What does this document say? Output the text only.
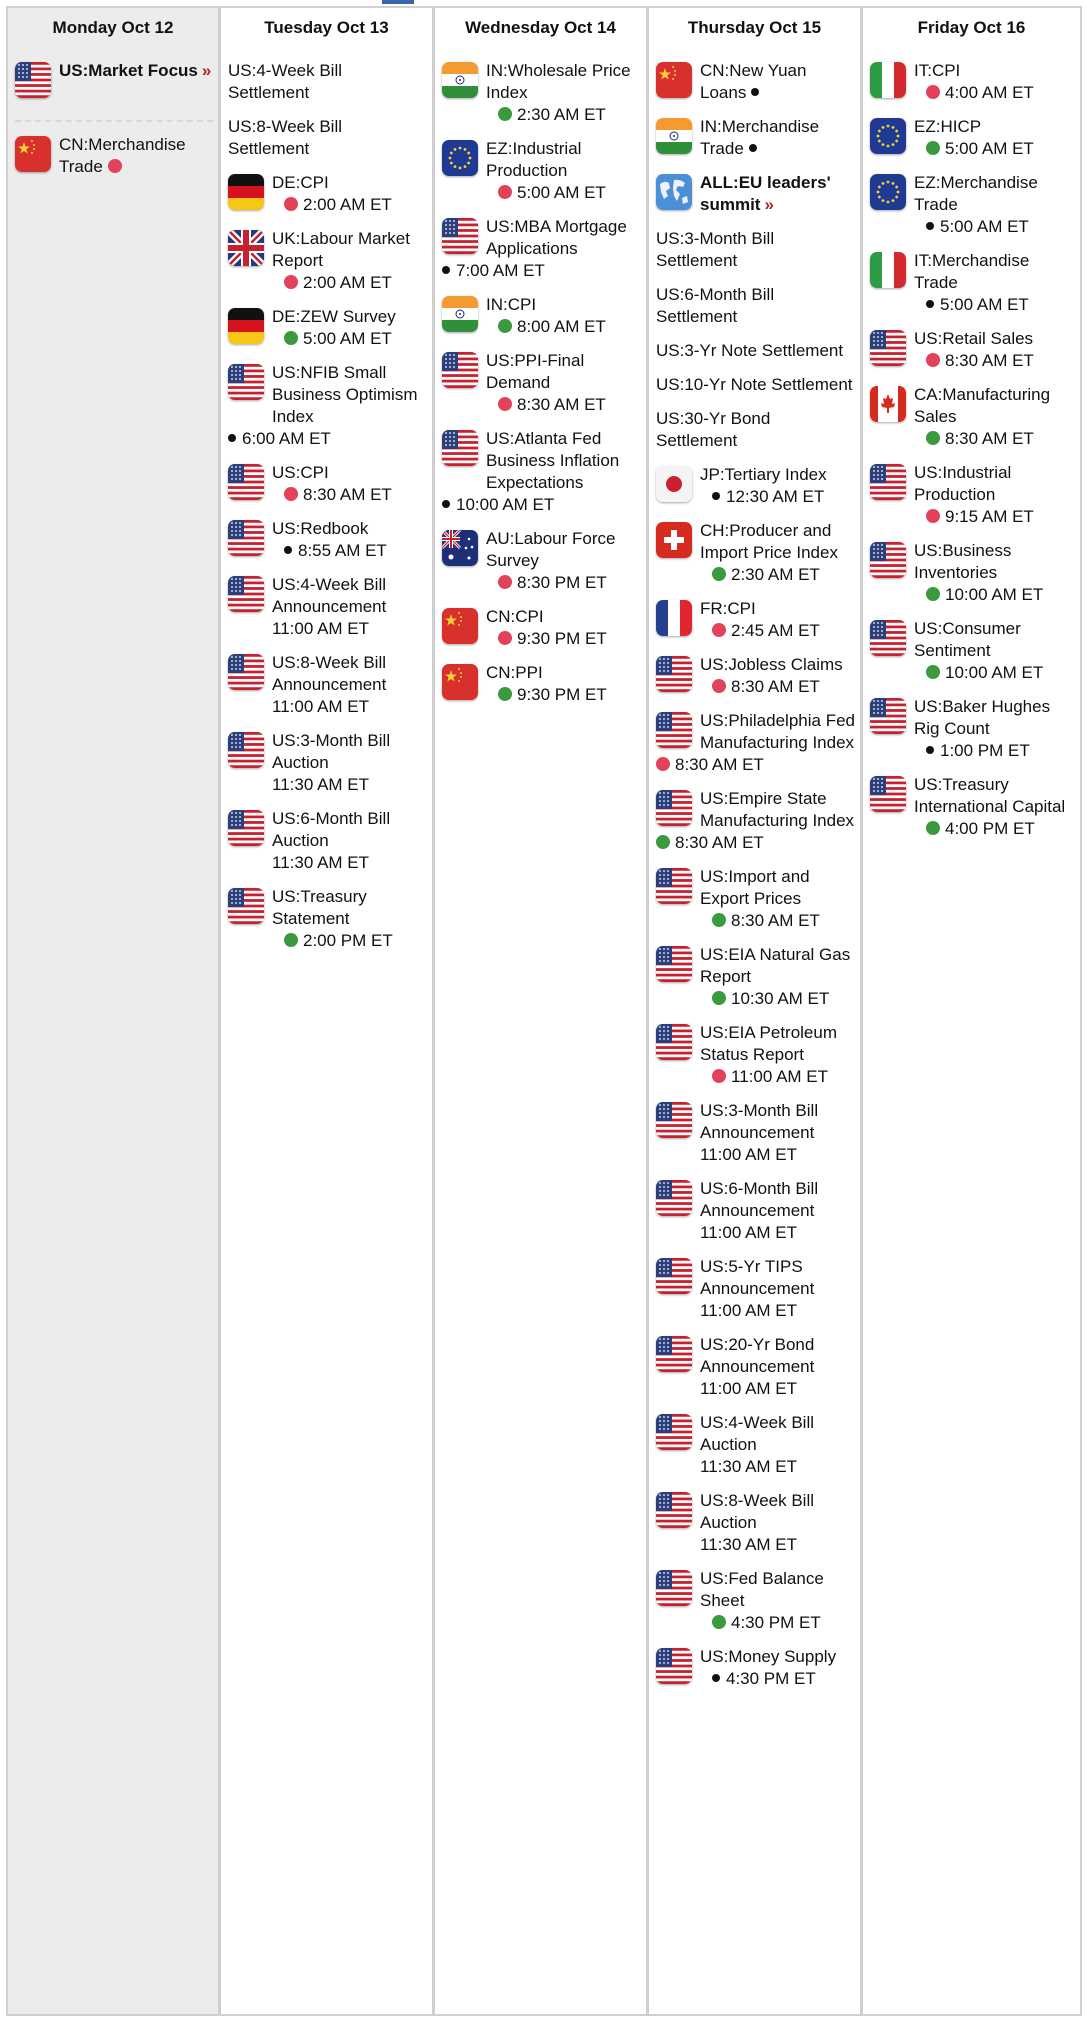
Monday Oct 12
US:Market Focus »
CN:Merchandise Trade
Tuesday Oct 13
US:4-Week Bill Settlement
US:8-Week Bill Settlement
DE:CPI
2:00 AM ET
UK:Labour Market Report
2:00 AM ET
DE:ZEW Survey
5:00 AM ET
US:NFIB Small Business Optimism Index
6:00 AM ET
US:CPI
8:30 AM ET
US:Redbook
8:55 AM ET
US:4-Week Bill Announcement
11:00 AM ET
US:8-Week Bill Announcement
11:00 AM ET
US:3-Month Bill Auction
11:30 AM ET
US:6-Month Bill Auction
11:30 AM ET
US:Treasury Statement
2:00 PM ET
Wednesday Oct 14
IN:Wholesale Price Index
2:30 AM ET
EZ:Industrial Production
5:00 AM ET
US:MBA Mortgage Applications
7:00 AM ET
IN:CPI
8:00 AM ET
US:PPI-Final Demand
8:30 AM ET
US:Atlanta Fed Business Inflation Expectations
10:00 AM ET
AU:Labour Force Survey
8:30 PM ET
CN:CPI
9:30 PM ET
CN:PPI
9:30 PM ET
Thursday Oct 15
CN:New Yuan Loans
IN:Merchandise Trade
ALL:EU leaders' summit »
US:3-Month Bill Settlement
US:6-Month Bill Settlement
US:3-Yr Note Settlement
US:10-Yr Note Settlement
US:30-Yr Bond Settlement
JP:Tertiary Index
12:30 AM ET
CH:Producer and Import Price Index
2:30 AM ET
FR:CPI
2:45 AM ET
US:Jobless Claims
8:30 AM ET
US:Philadelphia Fed Manufacturing Index
8:30 AM ET
US:Empire State Manufacturing Index
8:30 AM ET
US:Import and Export Prices
8:30 AM ET
US:EIA Natural Gas Report
10:30 AM ET
US:EIA Petroleum Status Report
11:00 AM ET
US:3-Month Bill Announcement
11:00 AM ET
US:6-Month Bill Announcement
11:00 AM ET
US:5-Yr TIPS Announcement
11:00 AM ET
US:20-Yr Bond Announcement
11:00 AM ET
US:4-Week Bill Auction
11:30 AM ET
US:8-Week Bill Auction
11:30 AM ET
US:Fed Balance Sheet
4:30 PM ET
US:Money Supply
4:30 PM ET
Friday Oct 16
IT:CPI
4:00 AM ET
EZ:HICP
5:00 AM ET
EZ:Merchandise Trade
5:00 AM ET
IT:Merchandise Trade
5:00 AM ET
US:Retail Sales
8:30 AM ET
CA:Manufacturing Sales
8:30 AM ET
US:Industrial Production
9:15 AM ET
US:Business Inventories
10:00 AM ET
US:Consumer Sentiment
10:00 AM ET
US:Baker Hughes Rig Count
1:00 PM ET
US:Treasury International Capital
4:00 PM ET
